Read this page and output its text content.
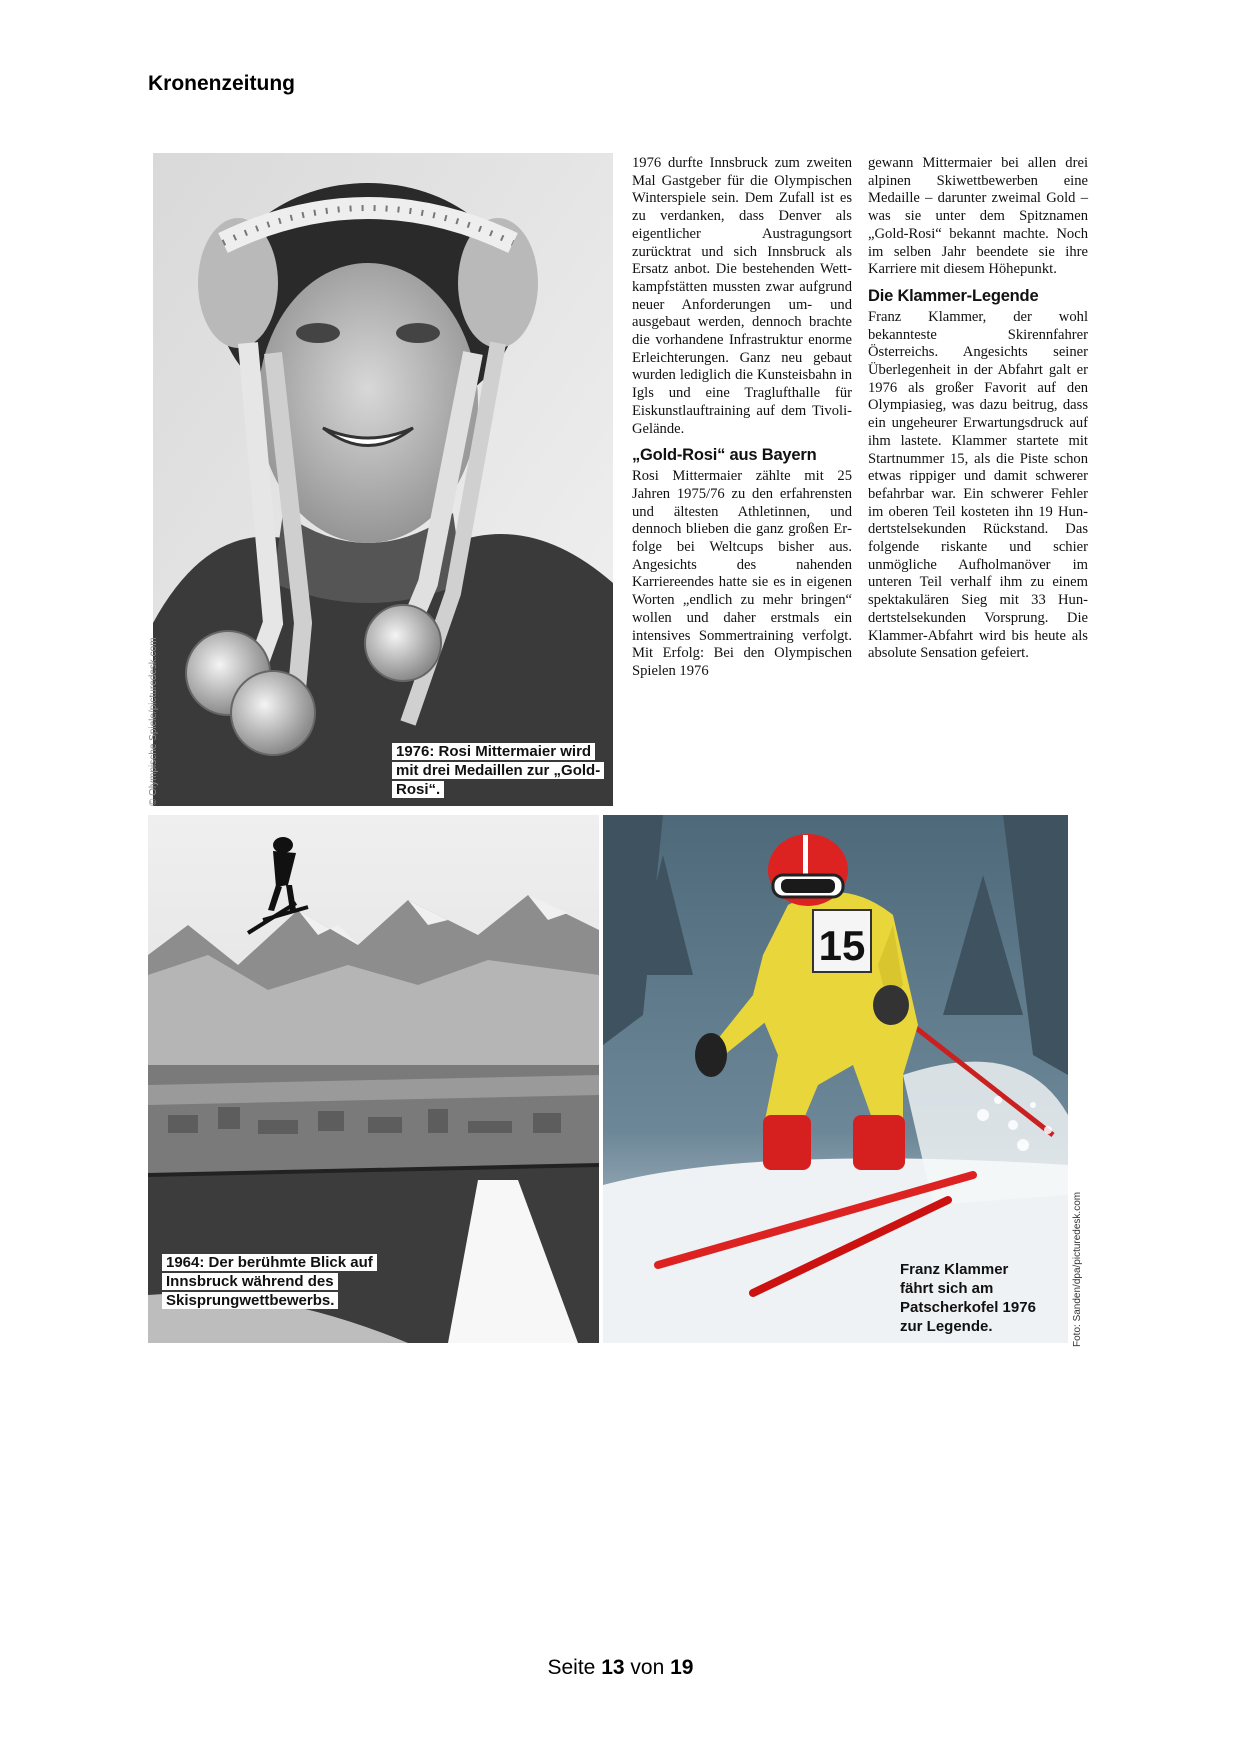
Kronenzeitung
© Olympische Spiele/picturedesk.com	1976: Rosi Mittermaier wird mit drei Medaillen zur „Gold-Rosi“.

1976 durfte Innsbruck zum zweiten Mal Gastgeber für die Olympischen Winterspiele sein. Dem Zufall ist es zu verdanken, dass Denver als eigentlicher Austragungsort zurücktrat und sich Innsbruck als Ersatz anbot. Die bestehenden Wettkampfstätten mussten zwar aufgrund neuer Anforderungen um- und ausgebaut werden, dennoch brachte die vorhandene Infrastruktur enorme Erleichterungen. Ganz neu gebaut wurden lediglich die Kunsteisbahn in Igls und eine Traglufthalle für Eiskunstlauftraining auf dem Tivoli-Gelände.

„Gold-Rosi“ aus Bayern

Rosi Mittermaier zählte mit 25 Jahren 1975/76 zu den erfahrensten und ältesten Athletinnen, und dennoch blieben die ganz großen Erfolge bei Weltcups bisher aus. Angesichts des nahenden Karriereendes hatte sie es in eigenen Worten „endlich zu mehr bringen“ wollen und daher erstmals ein intensives Sommertraining verfolgt. Mit Erfolg: Bei den Olympischen Spielen 1976

gewann Mittermaier bei allen drei alpinen Skiwettbewerben eine Medaille – darunter zweimal Gold – was sie unter dem Spitznamen „Gold-Rosi“ bekannt machte. Noch im selben Jahr beendete sie ihre Karriere mit diesem Höhepunkt.

Die Klammer-Legende

Franz Klammer, der wohl bekannteste Skirennfahrer Österreichs. Angesichts seiner Überlegenheit in der Abfahrt galt er 1976 als großer Favorit auf den Olympiasieg, was dazu beitrug, dass ein ungeheurer Erwartungsdruck auf ihm lastete. Klammer startete mit Startnummer 15, als die Piste schon etwas rippiger und damit schwerer befahrbar war. Ein schwerer Fehler im oberen Teil kosteten ihn 19 Hundertstelsekunden Rückstand. Das folgende riskante und schier unmögliche Aufholmanöver im unteren Teil verhalf ihm zu einem spektakulären Sieg mit 33 Hundertstelsekunden Vorsprung. Die Klammer-Abfahrt wird bis heute als absolute Sensation gefeiert.

1964: Der berühmte Blick auf Innsbruck während des Skisprungwettbewerbs.
15
Foto: Sanden/dpa/picturedesk.com
Franz Klammer fährt sich am Patscherkofel 1976 zur Legende.
Seite 13 von 19
